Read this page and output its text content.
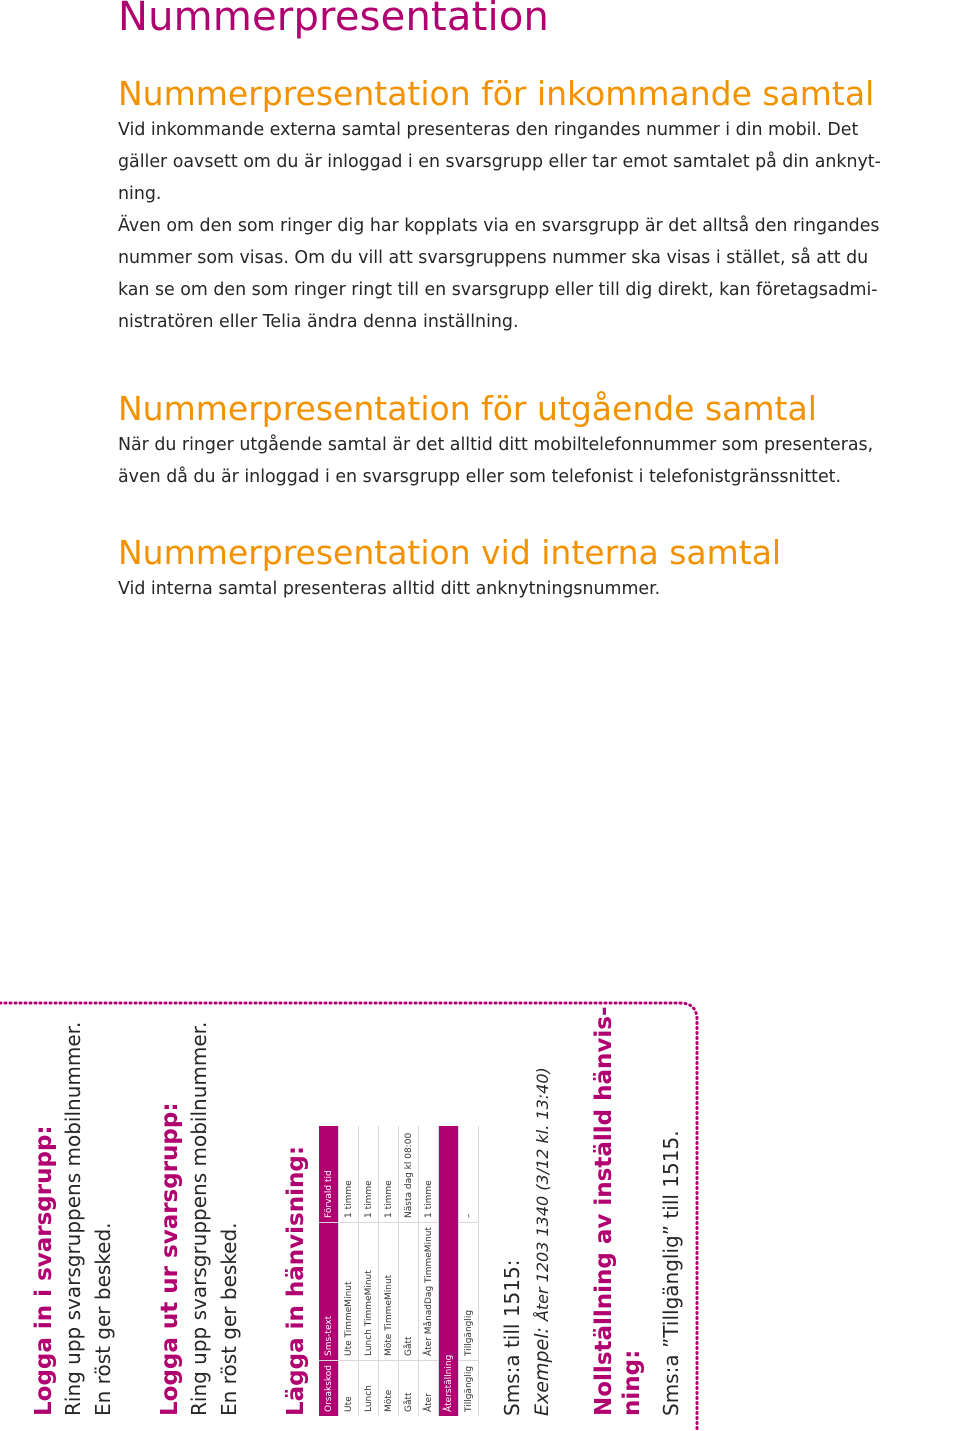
Nummerpresentation
Nummerpresentation för inkommande samtal
Vid inkommande externa samtal presenteras den ringandes nummer i din mobil. Det
gäller oavsett om du är inloggad i en svarsgrupp eller tar emot samtalet på din anknyt-
ning.
Även om den som ringer dig har kopplats via en svarsgrupp är det alltså den ringandes
nummer som visas. Om du vill att svarsgruppens nummer ska visas i stället, så att du
kan se om den som ringer ringt till en svarsgrupp eller till dig direkt, kan företagsadmi-
nistratören eller Telia ändra denna inställning.
Nummerpresentation för utgående samtal
När du ringer utgående samtal är det alltid ditt mobiltelefonnummer som presenteras,
även då du är inloggad i en svarsgrupp eller som telefonist i telefonistgränssnittet.
Nummerpresentation vid interna samtal
Vid interna samtal presenteras alltid ditt anknytningsnummer.
Logga in i svarsgrupp: Ring upp svarsgruppens mobilnummer. En röst ger besked. Logga ut ur svarsgrupp: Ring upp svarsgruppens mobilnummer. En röst ger besked. Lägga in hänvisning: Orsakskod	Sms-text	Förvald tid
Ute	Ute TimmeMinut	1 timme
Lunch	Lunch TimmeMinut	1 timme
Möte	Möte TimmeMinut	1 timme
Gått	Gått	Nästa dag kl 08:00
Åter	Åter MånadDag TimmeMinut	1 timme
Återställning		
Tillgänglig	Tillgänglig	–
Sms:a till 1515: Exempel: Åter 1203 1340 (3/12 kl. 13:40) Nollställning av inställd hänvis- ning: Sms:a ”Tillgänglig” till 1515.
